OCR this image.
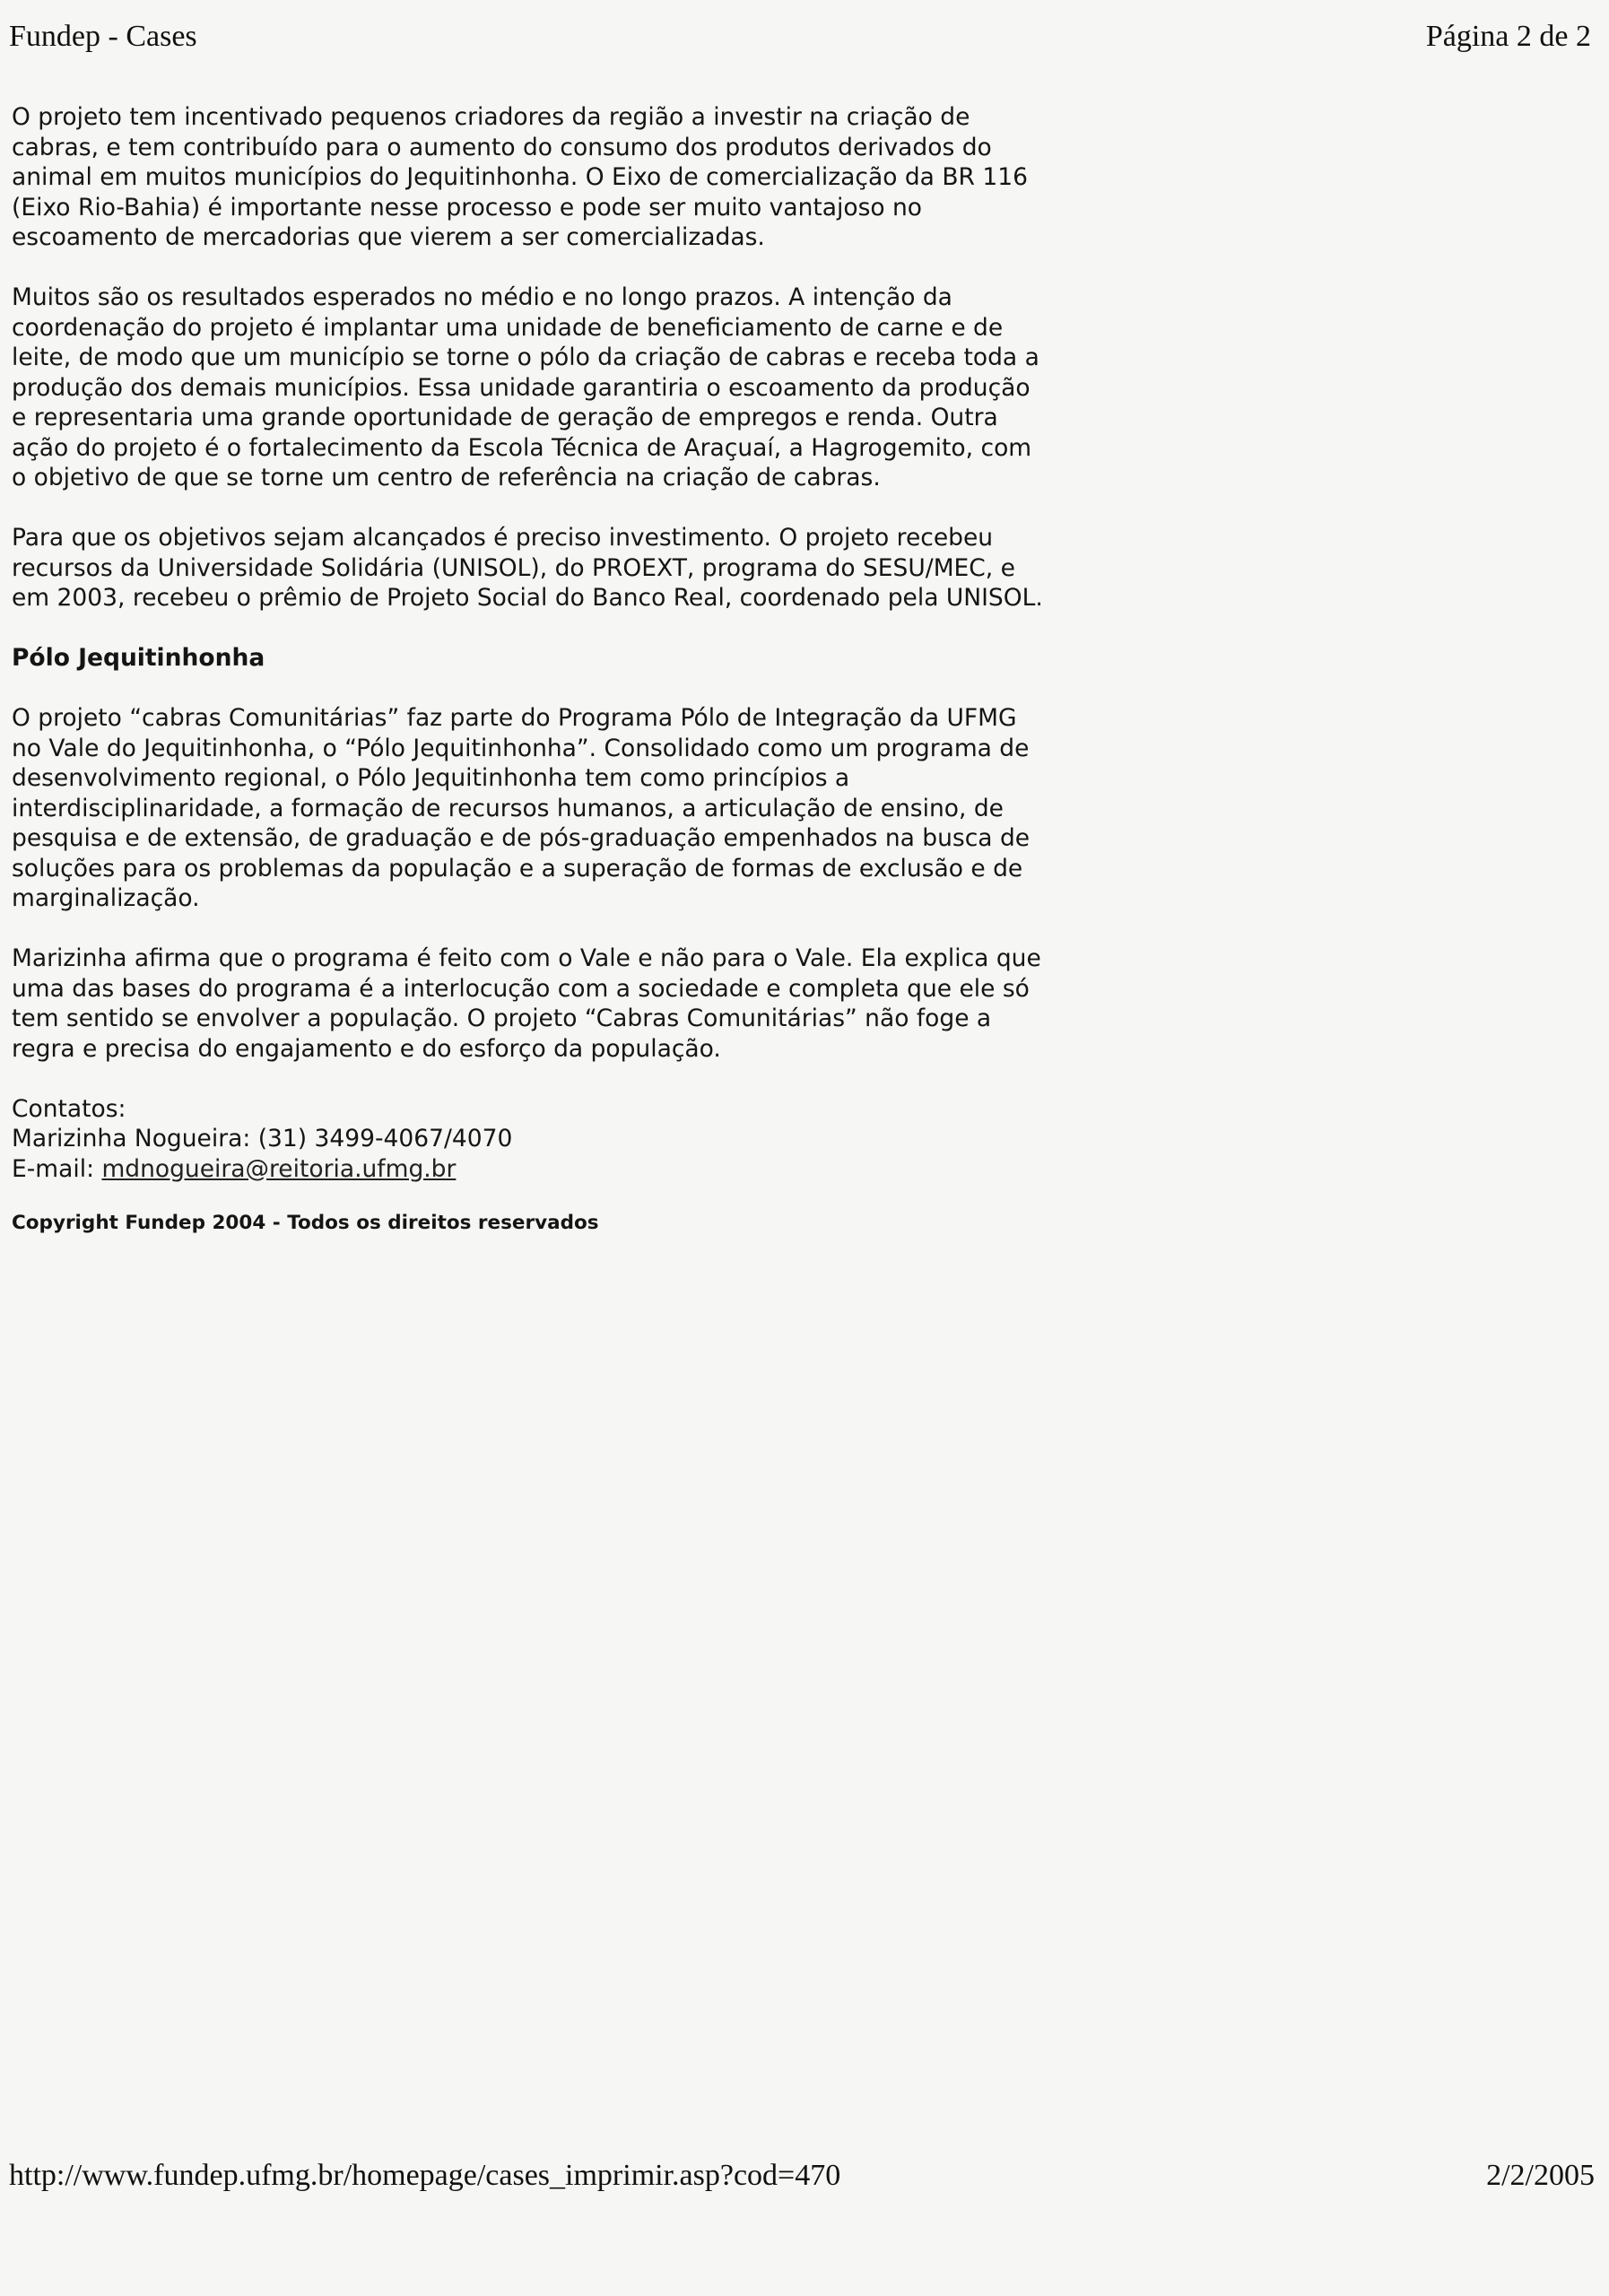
Fundep - Cases	Página 2 de 2

O projeto tem incentivado pequenos criadores da região a investir na criação de cabras, e tem contribuído para o aumento do consumo dos produtos derivados do animal em muitos municípios do Jequitinhonha. O Eixo de comercialização da BR 116 (Eixo Rio-Bahia) é importante nesse processo e pode ser muito vantajoso no escoamento de mercadorias que vierem a ser comercializadas.

Muitos são os resultados esperados no médio e no longo prazos. A intenção da coordenação do projeto é implantar uma unidade de beneficiamento de carne e de leite, de modo que um município se torne o pólo da criação de cabras e receba toda a produção dos demais municípios. Essa unidade garantiria o escoamento da produção e representaria uma grande oportunidade de geração de empregos e renda. Outra ação do projeto é o fortalecimento da Escola Técnica de Araçuaí, a Hagrogemito, com o objetivo de que se torne um centro de referência na criação de cabras.

Para que os objetivos sejam alcançados é preciso investimento. O projeto recebeu recursos da Universidade Solidária (UNISOL), do PROEXT, programa do SESU/MEC, e em 2003, recebeu o prêmio de Projeto Social do Banco Real, coordenado pela UNISOL.

Pólo Jequitinhonha

O projeto “cabras Comunitárias” faz parte do Programa Pólo de Integração da UFMG no Vale do Jequitinhonha, o “Pólo Jequitinhonha”. Consolidado como um programa de desenvolvimento regional, o Pólo Jequitinhonha tem como princípios a interdisciplinaridade, a formação de recursos humanos, a articulação de ensino, de pesquisa e de extensão, de graduação e de pós-graduação empenhados na busca de soluções para os problemas da população e a superação de formas de exclusão e de marginalização.

Marizinha afirma que o programa é feito com o Vale e não para o Vale. Ela explica que uma das bases do programa é a interlocução com a sociedade e completa que ele só tem sentido se envolver a população. O projeto “Cabras Comunitárias” não foge a regra e precisa do engajamento e do esforço da população.

Contatos:
Marizinha Nogueira: (31) 3499-4067/4070
E-mail: mdnogueira@reitoria.ufmg.br
Copyright Fundep 2004 - Todos os direitos reservados
http://www.fundep.ufmg.br/homepage/cases_imprimir.asp?cod=470	2/2/2005
